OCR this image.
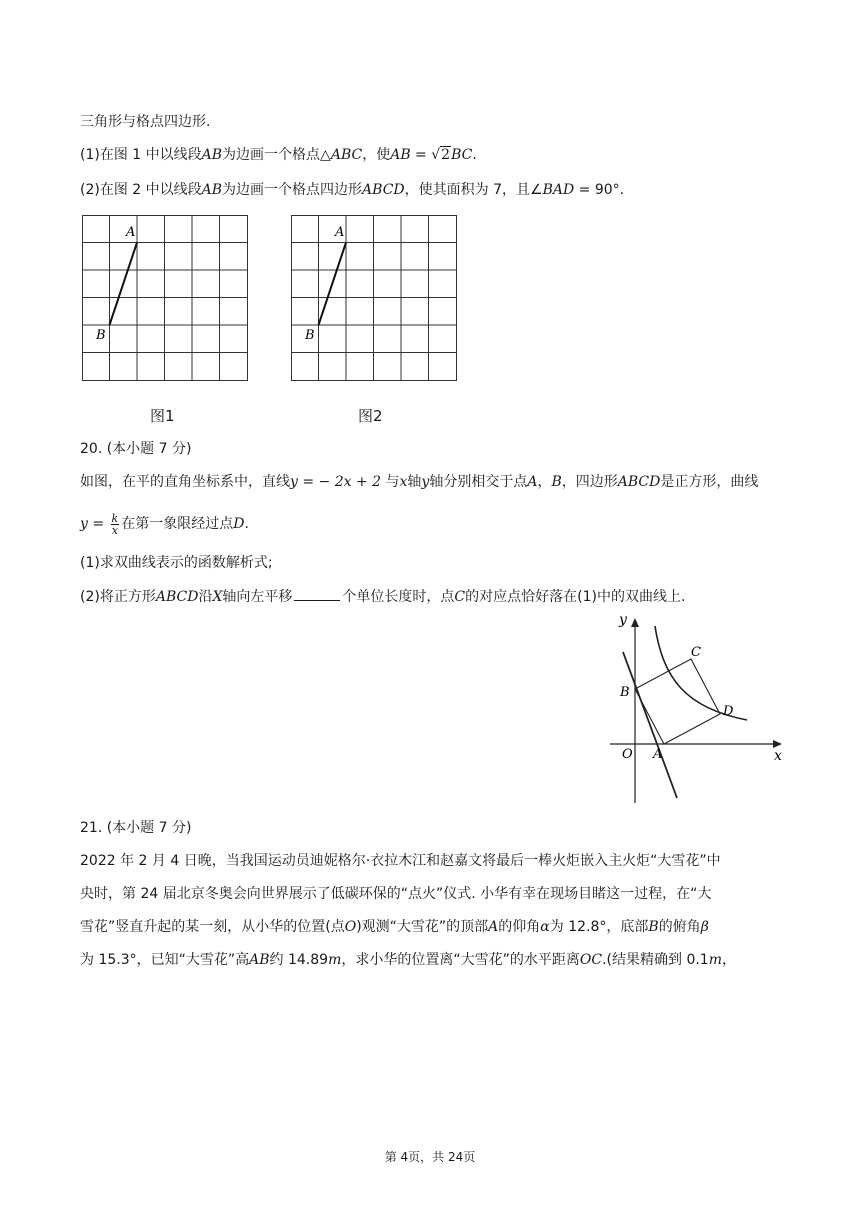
三角形与格点四边形.
(1)在图 1 中以线段AB为边画一个格点△ABC，使AB = √2BC.
(2)在图 2 中以线段AB为边画一个格点四边形ABCD，使其面积为 7，且∠BAD = 90°.
A
B
图1
A
B
图2
20. (本小题 7 分)
如图，在平的直角坐标系中，直线y = − 2x + 2 与x轴y轴分别相交于点A，B，四边形ABCD是正方形，曲线
$y = \frac{k}{x}$ 在第一象限经过点D.
(1)求双曲线表示的函数解析式;
(2)将正方形ABCD沿X轴向左平移	个单位长度时，点C的对应点恰好落在(1)中的双曲线上.
y
x
O A
B
C
D
21. (本小题 7 分)
2022 年 2 月 4 日晚，当我国运动员迪妮格尔·衣拉木江和赵嘉文将最后一棒火炬嵌入主火炬“大雪花”中
央时，第 24 届北京冬奥会向世界展示了低碳环保的“点火”仪式. 小华有幸在现场目睹这一过程，在“大
雪花”竖直升起的某一刻，从小华的位置(点O)观测“大雪花”的顶部A的仰角α为 12.8°，底部B的俯角β
为 15.3°，已知“大雪花”高AB约 14.89m，求小华的位置离“大雪花”的水平距离OC.(结果精确到 0.1m，
第 4页，共 24页
